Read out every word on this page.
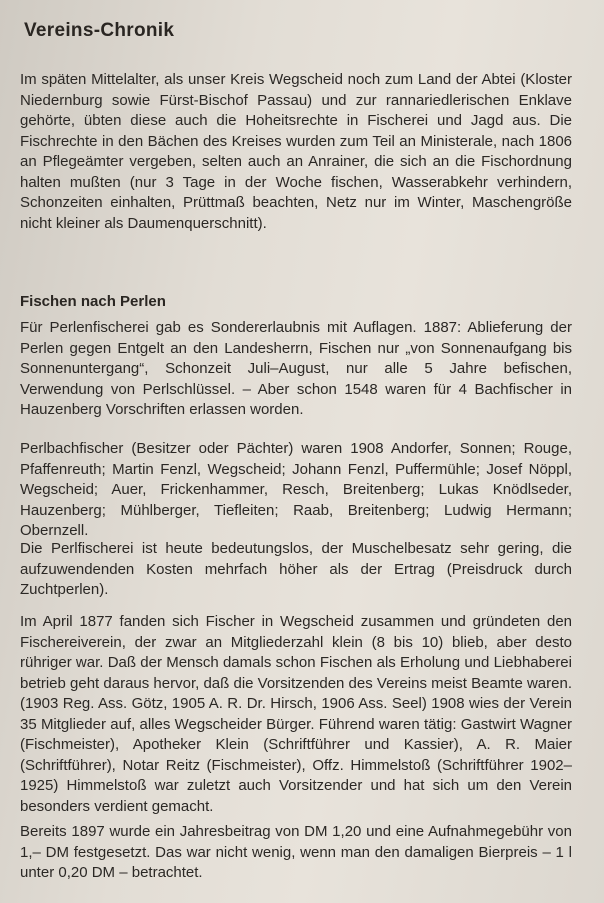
Vereins-Chronik

Im späten Mittelalter, als unser Kreis Wegscheid noch zum Land der Abtei (Kloster Niedernburg sowie Fürst-Bischof Passau) und zur rannariedlerischen Enklave gehörte, übten diese auch die Hoheitsrechte in Fischerei und Jagd aus. Die Fischrechte in den Bächen des Kreises wurden zum Teil an Ministerale, nach 1806 an Pflegeämter vergeben, selten auch an Anrainer, die sich an die Fischordnung halten mußten (nur 3 Tage in der Woche fischen, Wasserabkehr verhindern, Schonzeiten einhalten, Prüttmaß beachten, Netz nur im Winter, Maschengröße nicht kleiner als Daumenquerschnitt).

Fischen nach Perlen

Für Perlenfischerei gab es Sondererlaubnis mit Auflagen. 1887: Ablieferung der Perlen gegen Entgelt an den Landesherrn, Fischen nur „von Sonnenaufgang bis Sonnenuntergang“, Schonzeit Juli–August, nur alle 5 Jahre befischen, Verwendung von Perlschlüssel. – Aber schon 1548 waren für 4 Bachfischer in Hauzenberg Vorschriften erlassen worden.

Perlbachfischer (Besitzer oder Pächter) waren 1908 Andorfer, Sonnen; Rouge, Pfaffenreuth; Martin Fenzl, Wegscheid; Johann Fenzl, Puffermühle; Josef Nöppl, Wegscheid; Auer, Frickenhammer, Resch, Breitenberg; Lukas Knödlseder, Hauzenberg; Mühlberger, Tiefleiten; Raab, Breitenberg; Ludwig Hermann; Obernzell.

Die Perlfischerei ist heute bedeutungslos, der Muschelbesatz sehr gering, die aufzuwendenden Kosten mehrfach höher als der Ertrag (Preisdruck durch Zuchtperlen).

Im April 1877 fanden sich Fischer in Wegscheid zusammen und gründeten den Fischereiverein, der zwar an Mitgliederzahl klein (8 bis 10) blieb, aber desto rühriger war. Daß der Mensch damals schon Fischen als Erholung und Liebhaberei betrieb geht daraus hervor, daß die Vorsitzenden des Vereins meist Beamte waren. (1903 Reg. Ass. Götz, 1905 A. R. Dr. Hirsch, 1906 Ass. Seel) 1908 wies der Verein 35 Mitglieder auf, alles Wegscheider Bürger. Führend waren tätig: Gastwirt Wagner (Fischmeister), Apotheker Klein (Schriftführer und Kassier), A. R. Maier (Schriftführer), Notar Reitz (Fischmeister), Offz. Himmelstoß (Schriftführer 1902–1925) Himmelstoß war zuletzt auch Vorsitzender und hat sich um den Verein besonders verdient gemacht.

Bereits 1897 wurde ein Jahresbeitrag von DM 1,20 und eine Aufnahmegebühr von 1,– DM festgesetzt. Das war nicht wenig, wenn man den damaligen Bierpreis – 1 l unter 0,20 DM – betrachtet.
